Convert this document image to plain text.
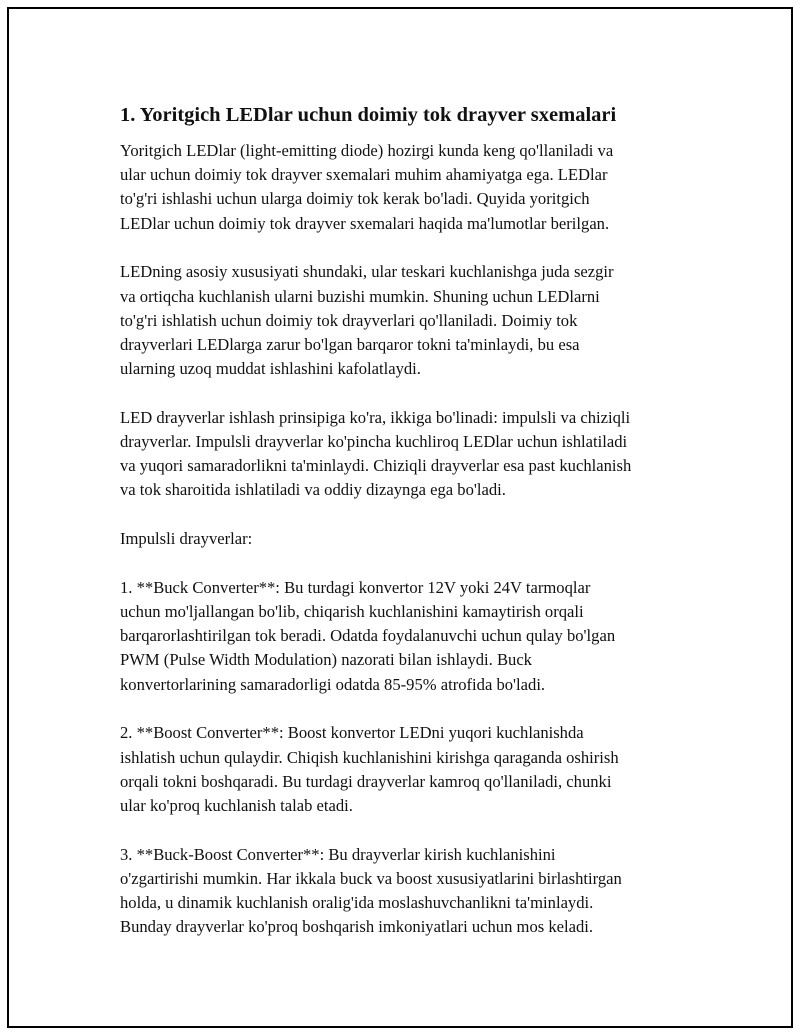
1. Yoritgich LEDlar uchun doimiy tok drayver sxemalari

Yoritgich LEDlar (light-emitting diode) hozirgi kunda keng qo'llaniladi va
ular uchun doimiy tok drayver sxemalari muhim ahamiyatga ega. LEDlar
to'g'ri ishlashi uchun ularga doimiy tok kerak bo'ladi. Quyida yoritgich
LEDlar uchun doimiy tok drayver sxemalari haqida ma'lumotlar berilgan.

LEDning asosiy xususiyati shundaki, ular teskari kuchlanishga juda sezgir
va ortiqcha kuchlanish ularni buzishi mumkin. Shuning uchun LEDlarni
to'g'ri ishlatish uchun doimiy tok drayverlari qo'llaniladi. Doimiy tok
drayverlari LEDlarga zarur bo'lgan barqaror tokni ta'minlaydi, bu esa
ularning uzoq muddat ishlashini kafolatlaydi.

LED drayverlar ishlash prinsipiga ko'ra, ikkiga bo'linadi: impulsli va chiziqli
drayverlar. Impulsli drayverlar ko'pincha kuchliroq LEDlar uchun ishlatiladi
va yuqori samaradorlikni ta'minlaydi. Chiziqli drayverlar esa past kuchlanish
va tok sharoitida ishlatiladi va oddiy dizaynga ega bo'ladi.

Impulsli drayverlar:

1. **Buck Converter**: Bu turdagi konvertor 12V yoki 24V tarmoqlar
uchun mo'ljallangan bo'lib, chiqarish kuchlanishini kamaytirish orqali
barqarorlashtirilgan tok beradi. Odatda foydalanuvchi uchun qulay bo'lgan
PWM (Pulse Width Modulation) nazorati bilan ishlaydi. Buck
konvertorlarining samaradorligi odatda 85-95% atrofida bo'ladi.

2. **Boost Converter**: Boost konvertor LEDni yuqori kuchlanishda
ishlatish uchun qulaydir. Chiqish kuchlanishini kirishga qaraganda oshirish
orqali tokni boshqaradi. Bu turdagi drayverlar kamroq qo'llaniladi, chunki
ular ko'proq kuchlanish talab etadi.

3. **Buck-Boost Converter**: Bu drayverlar kirish kuchlanishini
o'zgartirishi mumkin. Har ikkala buck va boost xususiyatlarini birlashtirgan
holda, u dinamik kuchlanish oralig'ida moslashuvchanlikni ta'minlaydi.
Bunday drayverlar ko'proq boshqarish imkoniyatlari uchun mos keladi.
